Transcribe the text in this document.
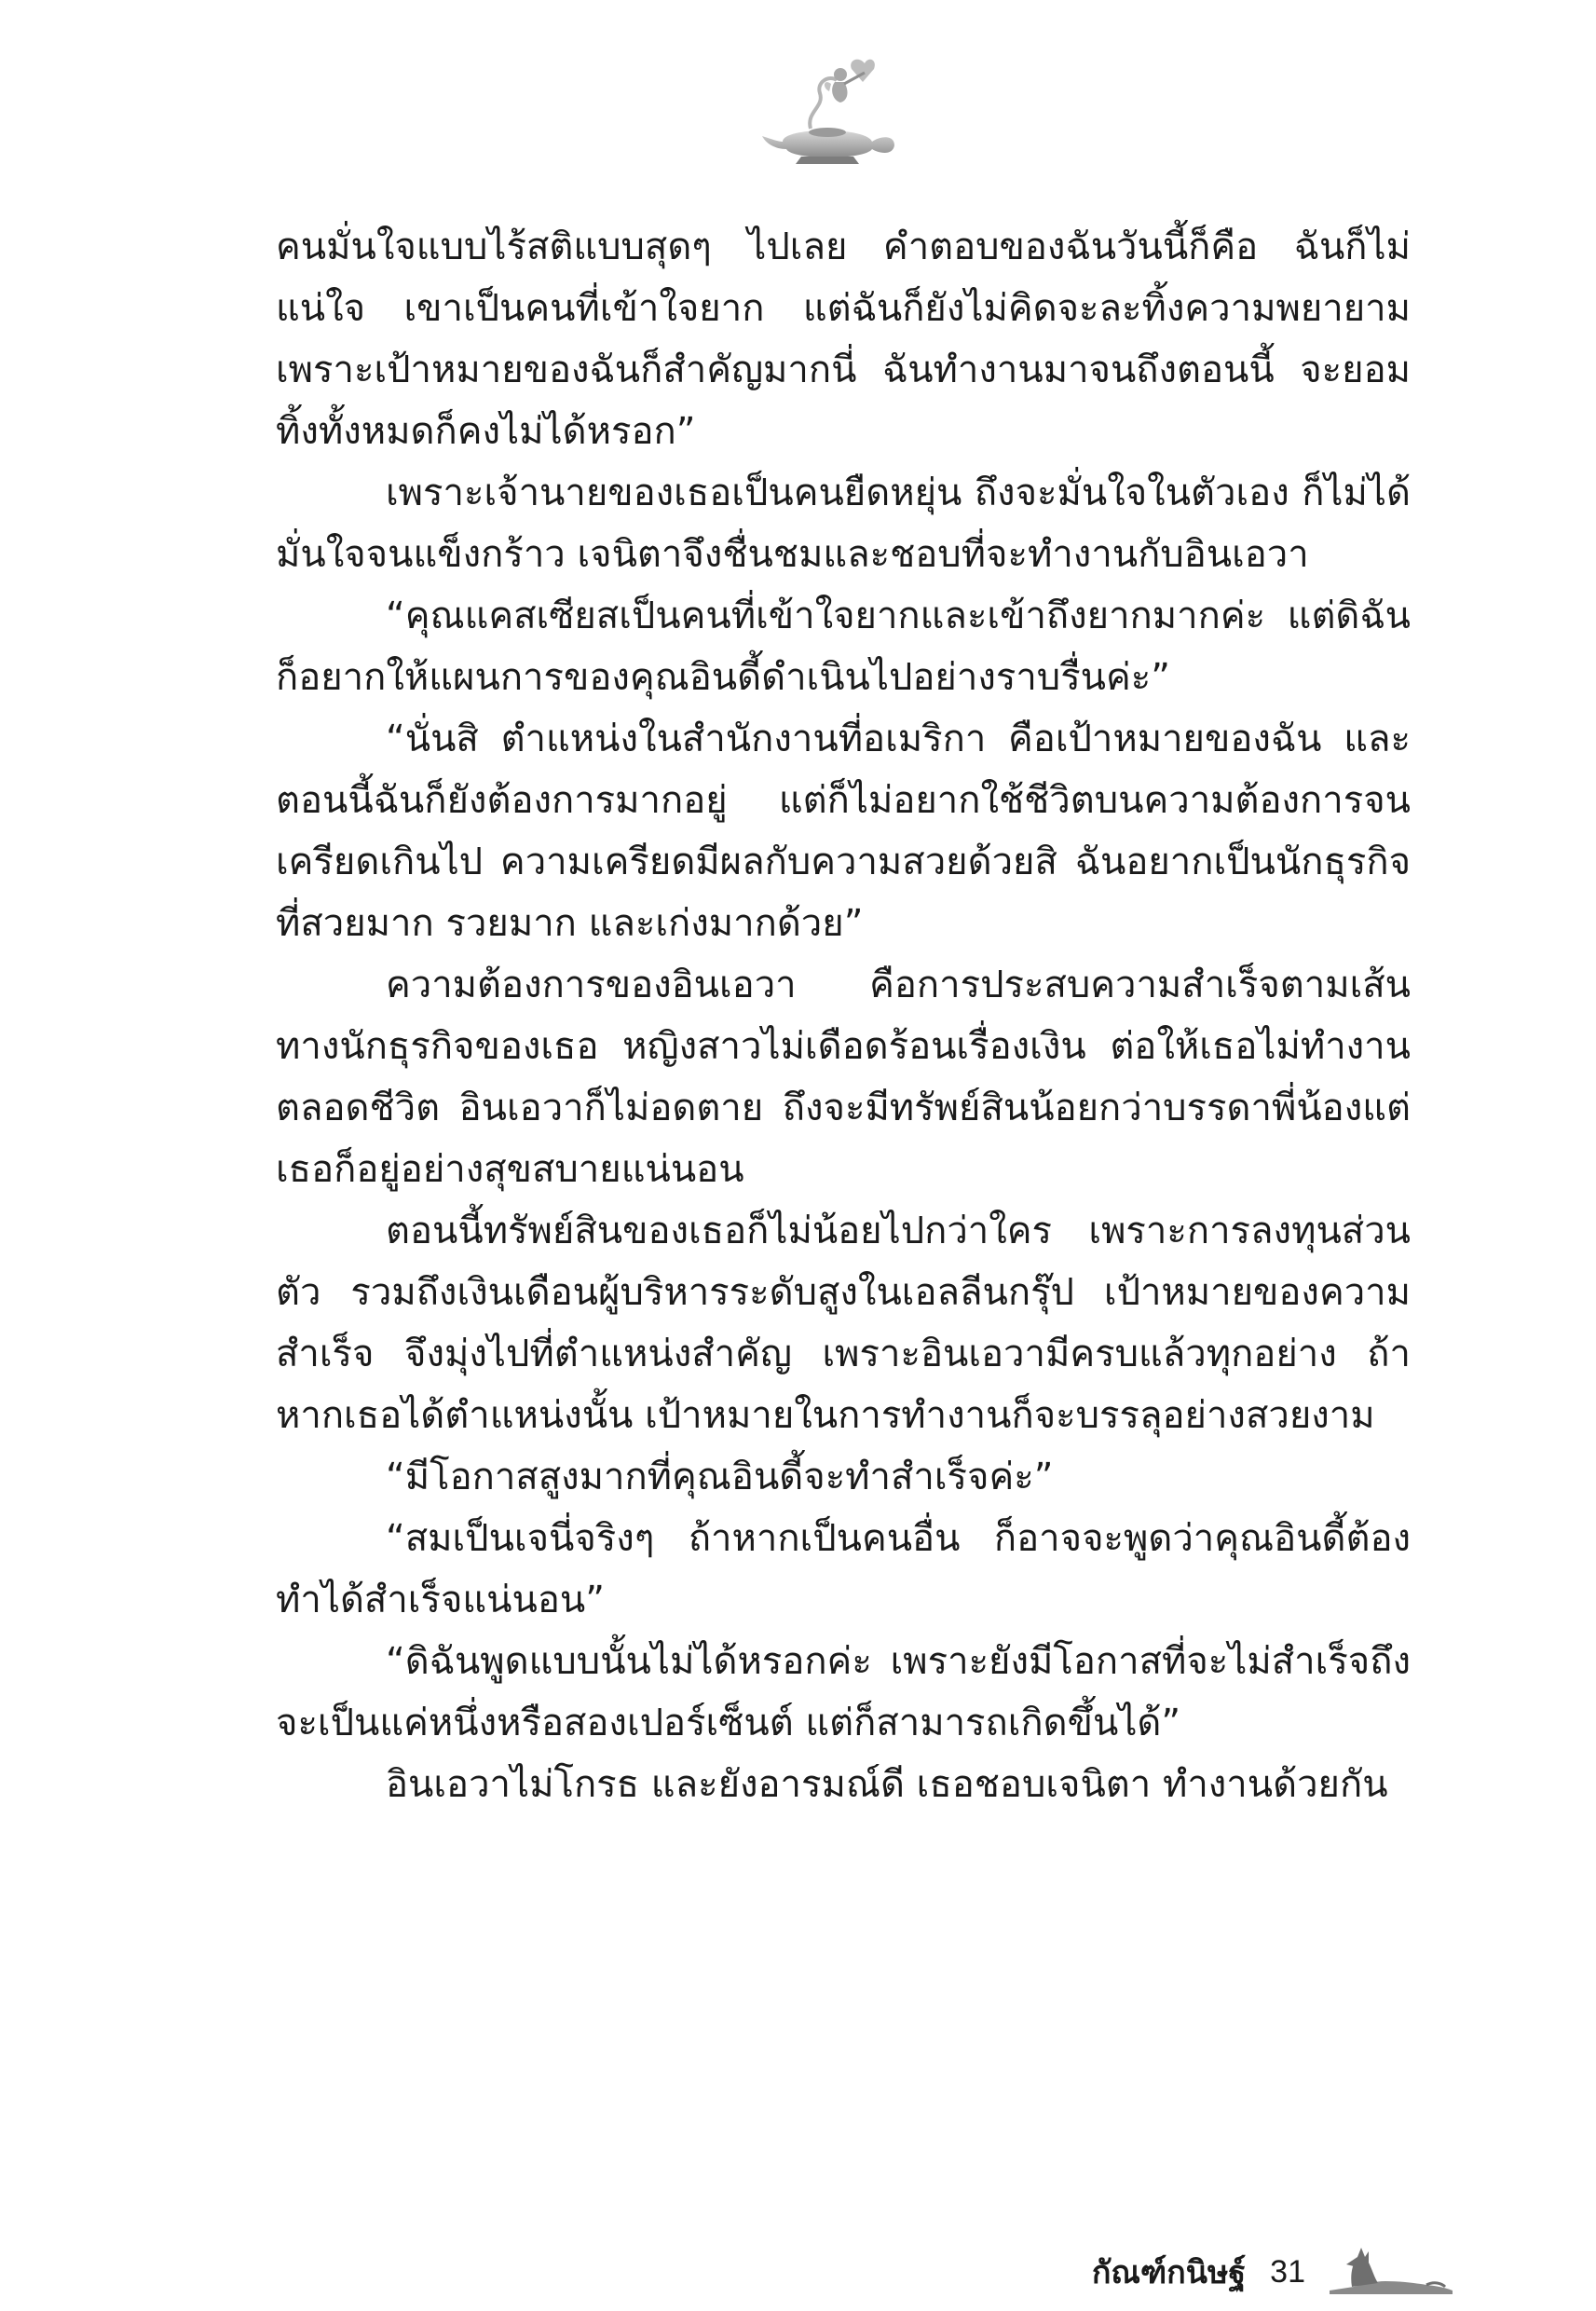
คนมั่นใจแบบไร้สติแบบสุดๆ ไปเลย คำตอบของฉันวันนี้ก็คือ ฉันก็ไม่แน่ใจ เขาเป็นคนที่เข้าใจยาก แต่ฉันก็ยังไม่คิดจะละทิ้งความพยายาม เพราะเป้าหมายของฉันก็สำคัญมากนี่ ฉันทำงานมาจนถึงตอนนี้ จะยอมทิ้งทั้งหมดก็คงไม่ได้หรอก”

เพราะเจ้านายของเธอเป็นคนยืดหยุ่น ถึงจะมั่นใจในตัวเอง ก็ไม่ได้มั่นใจจนแข็งกร้าว เจนิตาจึงชื่นชมและชอบที่จะทำงานกับอินเอวา

“คุณแคสเซียสเป็นคนที่เข้าใจยากและเข้าถึงยากมากค่ะ แต่ดิฉันก็อยากให้แผนการของคุณอินดี้ดำเนินไปอย่างราบรื่นค่ะ”

“นั่นสิ ตำแหน่งในสำนักงานที่อเมริกา คือเป้าหมายของฉัน และตอนนี้ฉันก็ยังต้องการมากอยู่ แต่ก็ไม่อยากใช้ชีวิตบนความต้องการจนเครียดเกินไป ความเครียดมีผลกับความสวยด้วยสิ ฉันอยากเป็นนักธุรกิจที่สวยมาก รวยมาก และเก่งมากด้วย”

ความต้องการของอินเอวา คือการประสบความสำเร็จตามเส้นทางนักธุรกิจของเธอ หญิงสาวไม่เดือดร้อนเรื่องเงิน ต่อให้เธอไม่ทำงานตลอดชีวิต อินเอวาก็ไม่อดตาย ถึงจะมีทรัพย์สินน้อยกว่าบรรดาพี่น้องแต่เธอก็อยู่อย่างสุขสบายแน่นอน

ตอนนี้ทรัพย์สินของเธอก็ไม่น้อยไปกว่าใคร เพราะการลงทุนส่วนตัว รวมถึงเงินเดือนผู้บริหารระดับสูงในเอลลีนกรุ๊ป เป้าหมายของความสำเร็จ จึงมุ่งไปที่ตำแหน่งสำคัญ เพราะอินเอวามีครบแล้วทุกอย่าง ถ้าหากเธอได้ตำแหน่งนั้น เป้าหมายในการทำงานก็จะบรรลุอย่างสวยงาม

“มีโอกาสสูงมากที่คุณอินดี้จะทำสำเร็จค่ะ”

“สมเป็นเจนี่จริงๆ ถ้าหากเป็นคนอื่น ก็อาจจะพูดว่าคุณอินดี้ต้องทำได้สำเร็จแน่นอน”

“ดิฉันพูดแบบนั้นไม่ได้หรอกค่ะ เพราะยังมีโอกาสที่จะไม่สำเร็จถึงจะเป็นแค่หนึ่งหรือสองเปอร์เซ็นต์ แต่ก็สามารถเกิดขึ้นได้”

อินเอวาไม่โกรธ และยังอารมณ์ดี เธอชอบเจนิตา ทำงานด้วยกัน

กัณฑ์กนิษฐ์ 31
